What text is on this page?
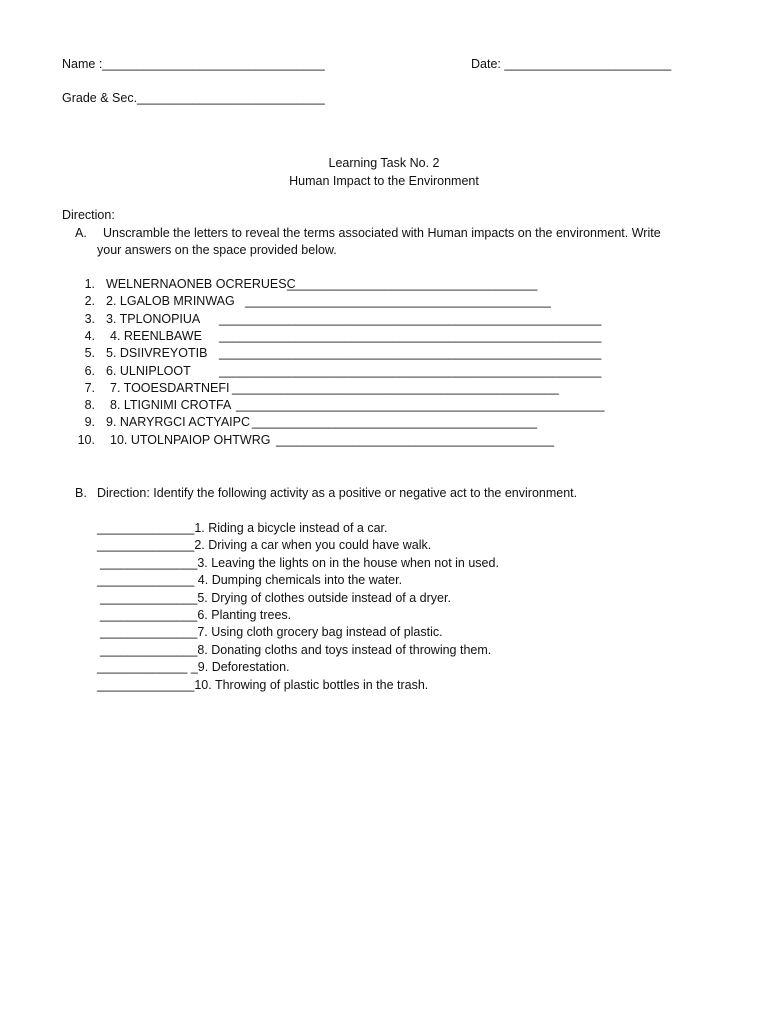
Name :________________________________	Date: ________________________
Grade & Sec.___________________________
Learning Task No. 2
Human Impact to the Environment
Direction:
A. Unscramble the letters to reveal the terms associated with Human impacts on the environment. Write
your answers on the space provided below.
1. WELNERNAONEB OCRERUESC
____________________________________
2. 2. LGALOB MRINWAG ____________________________________________
3. 3. TPLONOPIUA _______________________________________________________
4. 4. REENLBAWE _______________________________________________________
5. 5. DSIIVREYOTIB _______________________________________________________
6. 6. ULNIPLOOT _______________________________________________________
7. 7. TOOESDARTNEFI _______________________________________________
8. 8. LTIGNIMI CROTFA _____________________________________________________
9. 9. NARYRGCI ACTYAIPC _________________________________________
10. 10. UTOLNPAIOP OHTWRG ________________________________________
B. Direction: Identify the following activity as a positive or negative act to the environment.
______________1. Riding a bicycle instead of a car.
______________2. Driving a car when you could have walk.
______________3. Leaving the lights on in the house when not in used.
______________ 4. Dumping chemicals into the water.
______________5. Drying of clothes outside instead of a dryer.
______________6. Planting trees.
______________7. Using cloth grocery bag instead of plastic.
______________8. Donating cloths and toys instead of throwing them.
_____________ _9. Deforestation.
______________10. Throwing of plastic bottles in the trash.
